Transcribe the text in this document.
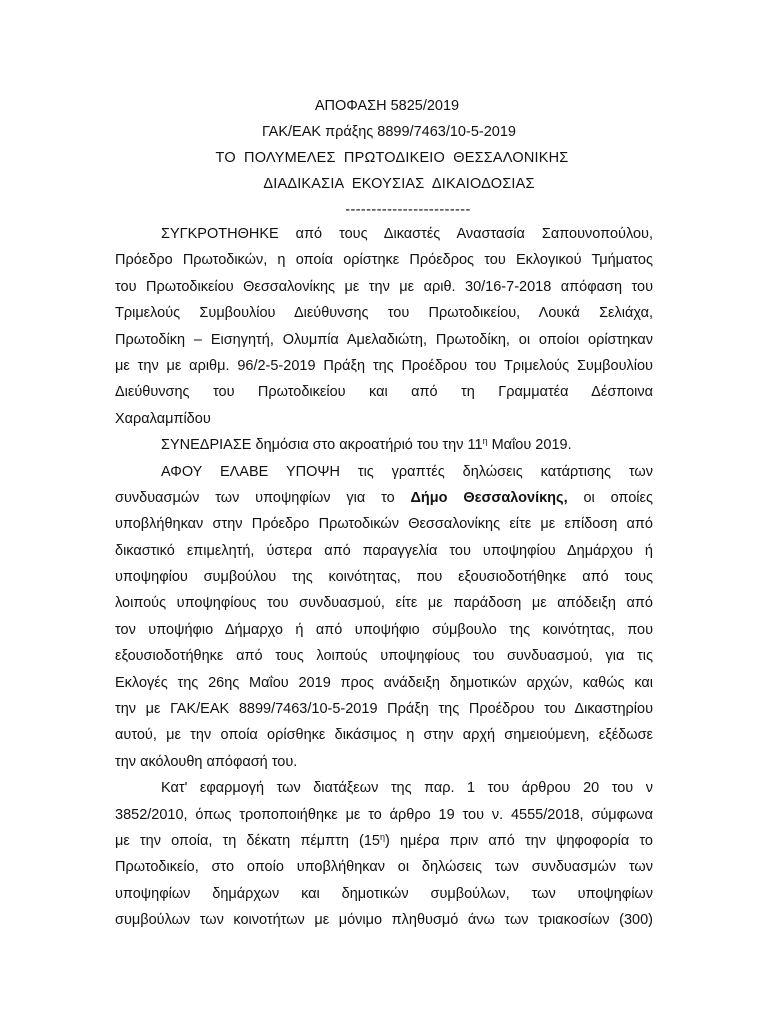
ΑΠΟΦΑΣΗ 5825/2019
ΓΑΚ/ΕΑΚ πράξης 8899/7463/10-5-2019
ΤΟ ΠΟΛΥΜΕΛΕΣ ΠΡΩΤΟΔΙΚΕΙΟ ΘΕΣΣΑΛΟΝΙΚΗΣ
ΔΙΑΔΙΚΑΣΙΑ ΕΚΟΥΣΙΑΣ ΔΙΚΑΙΟΔΟΣΙΑΣ
------------------------
ΣΥΓΚΡΟΤΗΘΗΚΕ από τους Δικαστές Αναστασία Σαπουνοπούλου,
Πρόεδρο Πρωτοδικών, η οποία ορίστηκε Πρόεδρος του Εκλογικού Τμήματος
του Πρωτοδικείου Θεσσαλονίκης με την με αριθ. 30/16-7-2018 απόφαση του
Τριμελούς Συμβουλίου Διεύθυνσης του Πρωτοδικείου, Λουκά Σελιάχα,
Πρωτοδίκη – Εισηγητή, Ολυμπία Αμελαδιώτη, Πρωτοδίκη, οι οποίοι ορίστηκαν
με την με αριθμ. 96/2-5-2019 Πράξη της Προέδρου του Τριμελούς Συμβουλίου
Διεύθυνσης του Πρωτοδικείου και από τη Γραμματέα Δέσποινα
Χαραλαμπίδου
ΣΥΝΕΔΡΙΑΣΕ δημόσια στο ακροατήριό του την $11^\eta$ Μαΐου 2019.
ΑΦΟΥ ΕΛΑΒΕ ΥΠΟΨΗ τις γραπτές δηλώσεις κατάρτισης των
συνδυασμών των υποψηφίων για το Δήμο Θεσσαλονίκης, οι οποίες
υποβλήθηκαν στην Πρόεδρο Πρωτοδικών Θεσσαλονίκης είτε με επίδοση από
δικαστικό επιμελητή, ύστερα από παραγγελία του υποψηφίου Δημάρχου ή
υποψηφίου συμβούλου της κοινότητας, που εξουσιοδοτήθηκε από τους
λοιπούς υποψηφίους του συνδυασμού, είτε με παράδοση με απόδειξη από
τον υποψήφιο Δήμαρχο ή από υποψήφιο σύμβουλο της κοινότητας, που
εξουσιοδοτήθηκε από τους λοιπούς υποψηφίους του συνδυασμού, για τις
Εκλογές της 26ης Μαΐου 2019 προς ανάδειξη δημοτικών αρχών, καθώς και
την με ΓΑΚ/ΕΑΚ 8899/7463/10-5-2019 Πράξη της Προέδρου του Δικαστηρίου
αυτού, με την οποία ορίσθηκε δικάσιμος η στην αρχή σημειούμενη, εξέδωσε
την ακόλουθη απόφασή του.
Κατ' εφαρμογή των διατάξεων της παρ. 1 του άρθρου 20 του ν
3852/2010, όπως τροποποιήθηκε με το άρθρο 19 του ν. 4555/2018, σύμφωνα
με την οποία, τη δέκατη πέμπτη $(15^\eta)$ ημέρα πριν από την ψηφοφορία το
Πρωτοδικείο, στο οποίο υποβλήθηκαν οι δηλώσεις των συνδυασμών των
υποψηφίων δημάρχων και δημοτικών συμβούλων, των υποψηφίων
συμβούλων των κοινοτήτων με μόνιμο πληθυσμό άνω των τριακοσίων (300)
